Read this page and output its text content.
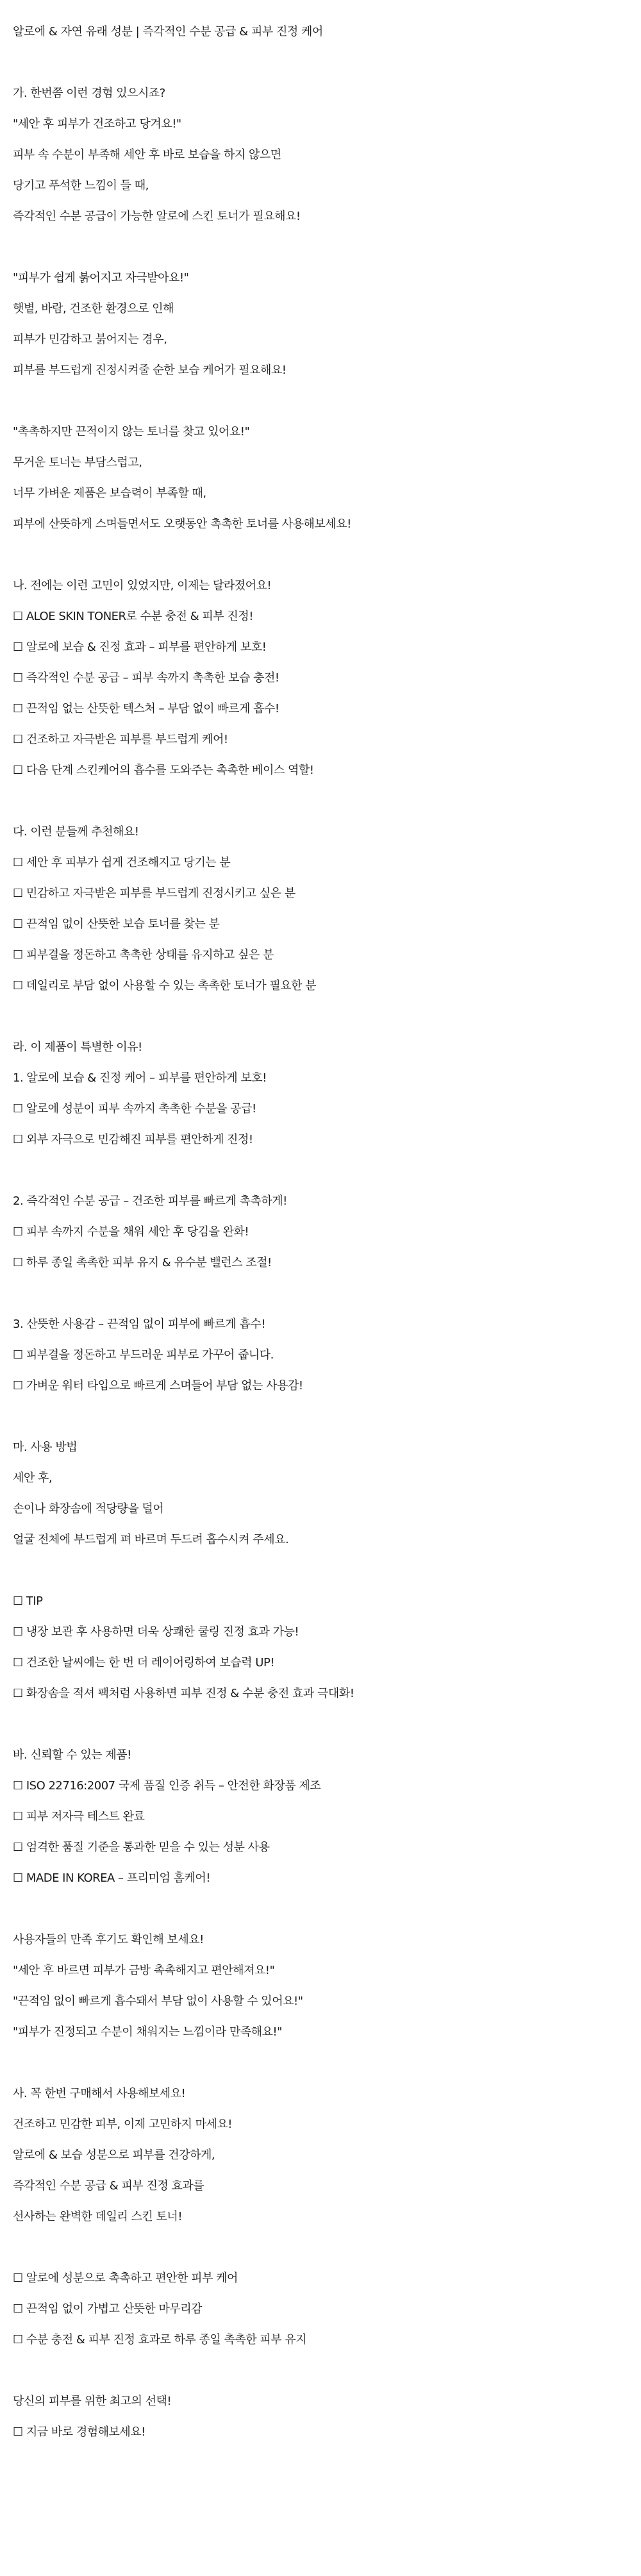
알로에 & 자연 유래 성분 | 즉각적인 수분 공급 & 피부 진정 케어
가. 한번쯤 이런 경험 있으시죠?
"세안 후 피부가 건조하고 당겨요!"
피부 속 수분이 부족해 세안 후 바로 보습을 하지 않으면
당기고 푸석한 느낌이 들 때,
즉각적인 수분 공급이 가능한 알로에 스킨 토너가 필요해요!
"피부가 쉽게 붉어지고 자극받아요!"
햇볕, 바람, 건조한 환경으로 인해
피부가 민감하고 붉어지는 경우,
피부를 부드럽게 진정시켜줄 순한 보습 케어가 필요해요!
"촉촉하지만 끈적이지 않는 토너를 찾고 있어요!"
무거운 토너는 부담스럽고,
너무 가벼운 제품은 보습력이 부족할 때,
피부에 산뜻하게 스며들면서도 오랫동안 촉촉한 토너를 사용해보세요!
나. 전에는 이런 고민이 있었지만, 이제는 달라졌어요!
☐ ALOE SKIN TONER로 수분 충전 & 피부 진정!
☐ 알로에 보습 & 진정 효과 – 피부를 편안하게 보호!
☐ 즉각적인 수분 공급 – 피부 속까지 촉촉한 보습 충전!
☐ 끈적임 없는 산뜻한 텍스처 – 부담 없이 빠르게 흡수!
☐ 건조하고 자극받은 피부를 부드럽게 케어!
☐ 다음 단계 스킨케어의 흡수를 도와주는 촉촉한 베이스 역할!
다. 이런 분들께 추천해요!
☐ 세안 후 피부가 쉽게 건조해지고 당기는 분
☐ 민감하고 자극받은 피부를 부드럽게 진정시키고 싶은 분
☐ 끈적임 없이 산뜻한 보습 토너를 찾는 분
☐ 피부결을 정돈하고 촉촉한 상태를 유지하고 싶은 분
☐ 데일리로 부담 없이 사용할 수 있는 촉촉한 토너가 필요한 분
라. 이 제품이 특별한 이유!
1. 알로에 보습 & 진정 케어 – 피부를 편안하게 보호!
☐ 알로에 성분이 피부 속까지 촉촉한 수분을 공급!
☐ 외부 자극으로 민감해진 피부를 편안하게 진정!
2. 즉각적인 수분 공급 – 건조한 피부를 빠르게 촉촉하게!
☐ 피부 속까지 수분을 채워 세안 후 당김을 완화!
☐ 하루 종일 촉촉한 피부 유지 & 유수분 밸런스 조절!
3. 산뜻한 사용감 – 끈적임 없이 피부에 빠르게 흡수!
☐ 피부결을 정돈하고 부드러운 피부로 가꾸어 줍니다.
☐ 가벼운 워터 타입으로 빠르게 스며들어 부담 없는 사용감!
마. 사용 방법
세안 후,
손이나 화장솜에 적당량을 덜어
얼굴 전체에 부드럽게 펴 바르며 두드려 흡수시켜 주세요.
☐ TIP
☐ 냉장 보관 후 사용하면 더욱 상쾌한 쿨링 진정 효과 가능!
☐ 건조한 날씨에는 한 번 더 레이어링하여 보습력 UP!
☐ 화장솜을 적셔 팩처럼 사용하면 피부 진정 & 수분 충전 효과 극대화!
바. 신뢰할 수 있는 제품!
☐ ISO 22716:2007 국제 품질 인증 취득 – 안전한 화장품 제조
☐ 피부 저자극 테스트 완료
☐ 엄격한 품질 기준을 통과한 믿을 수 있는 성분 사용
☐ MADE IN KOREA – 프리미엄 홈케어!
사용자들의 만족 후기도 확인해 보세요!
"세안 후 바르면 피부가 금방 촉촉해지고 편안해져요!"
"끈적임 없이 빠르게 흡수돼서 부담 없이 사용할 수 있어요!"
"피부가 진정되고 수분이 채워지는 느낌이라 만족해요!"
사. 꼭 한번 구매해서 사용해보세요!
건조하고 민감한 피부, 이제 고민하지 마세요!
알로에 & 보습 성분으로 피부를 건강하게,
즉각적인 수분 공급 & 피부 진정 효과를
선사하는 완벽한 데일리 스킨 토너!
☐ 알로에 성분으로 촉촉하고 편안한 피부 케어
☐ 끈적임 없이 가볍고 산뜻한 마무리감
☐ 수분 충전 & 피부 진정 효과로 하루 종일 촉촉한 피부 유지
당신의 피부를 위한 최고의 선택!
☐ 지금 바로 경험해보세요!
